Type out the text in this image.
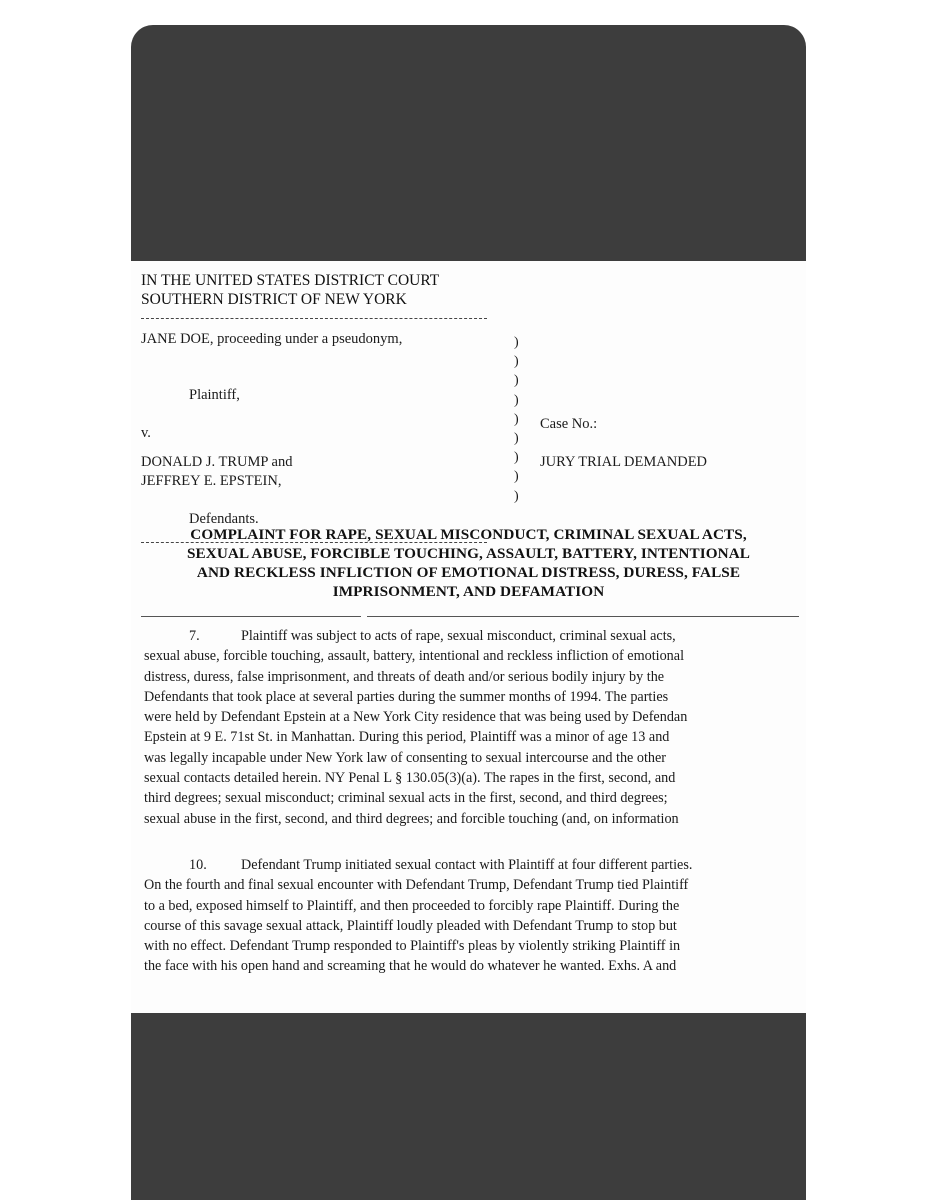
IN THE UNITED STATES DISTRICT COURT
SOUTHERN DISTRICT OF NEW YORK
JANE DOE, proceeding under a pseudonym,
Plaintiff,
v.
DONALD J. TRUMP and
JEFFREY E. EPSTEIN,
Defendants.
)
)
)
)
)
)
)
)
)
Case No.:
JURY TRIAL DEMANDED
COMPLAINT FOR RAPE, SEXUAL MISCONDUCT, CRIMINAL SEXUAL ACTS,
SEXUAL ABUSE, FORCIBLE TOUCHING, ASSAULT, BATTERY, INTENTIONAL
AND RECKLESS INFLICTION OF EMOTIONAL DISTRESS, DURESS, FALSE
IMPRISONMENT, AND DEFAMATION
7.	Plaintiff was subject to acts of rape, sexual misconduct, criminal sexual acts,
sexual abuse, forcible touching, assault, battery, intentional and reckless infliction of emotional
distress, duress, false imprisonment, and threats of death and/or serious bodily injury by the
Defendants that took place at several parties during the summer months of 1994. The parties
were held by Defendant Epstein at a New York City residence that was being used by Defendan
Epstein at 9 E. 71st St. in Manhattan. During this period, Plaintiff was a minor of age 13 and
was legally incapable under New York law of consenting to sexual intercourse and the other
sexual contacts detailed herein. NY Penal L § 130.05(3)(a). The rapes in the first, second, and
third degrees; sexual misconduct; criminal sexual acts in the first, second, and third degrees;
sexual abuse in the first, second, and third degrees; and forcible touching (and, on information
10. Defendant Trump initiated sexual contact with Plaintiff at four different parties.
On the fourth and final sexual encounter with Defendant Trump, Defendant Trump tied Plaintiff
to a bed, exposed himself to Plaintiff, and then proceeded to forcibly rape Plaintiff. During the
course of this savage sexual attack, Plaintiff loudly pleaded with Defendant Trump to stop but
with no effect. Defendant Trump responded to Plaintiff's pleas by violently striking Plaintiff in
the face with his open hand and screaming that he would do whatever he wanted. Exhs. A and
